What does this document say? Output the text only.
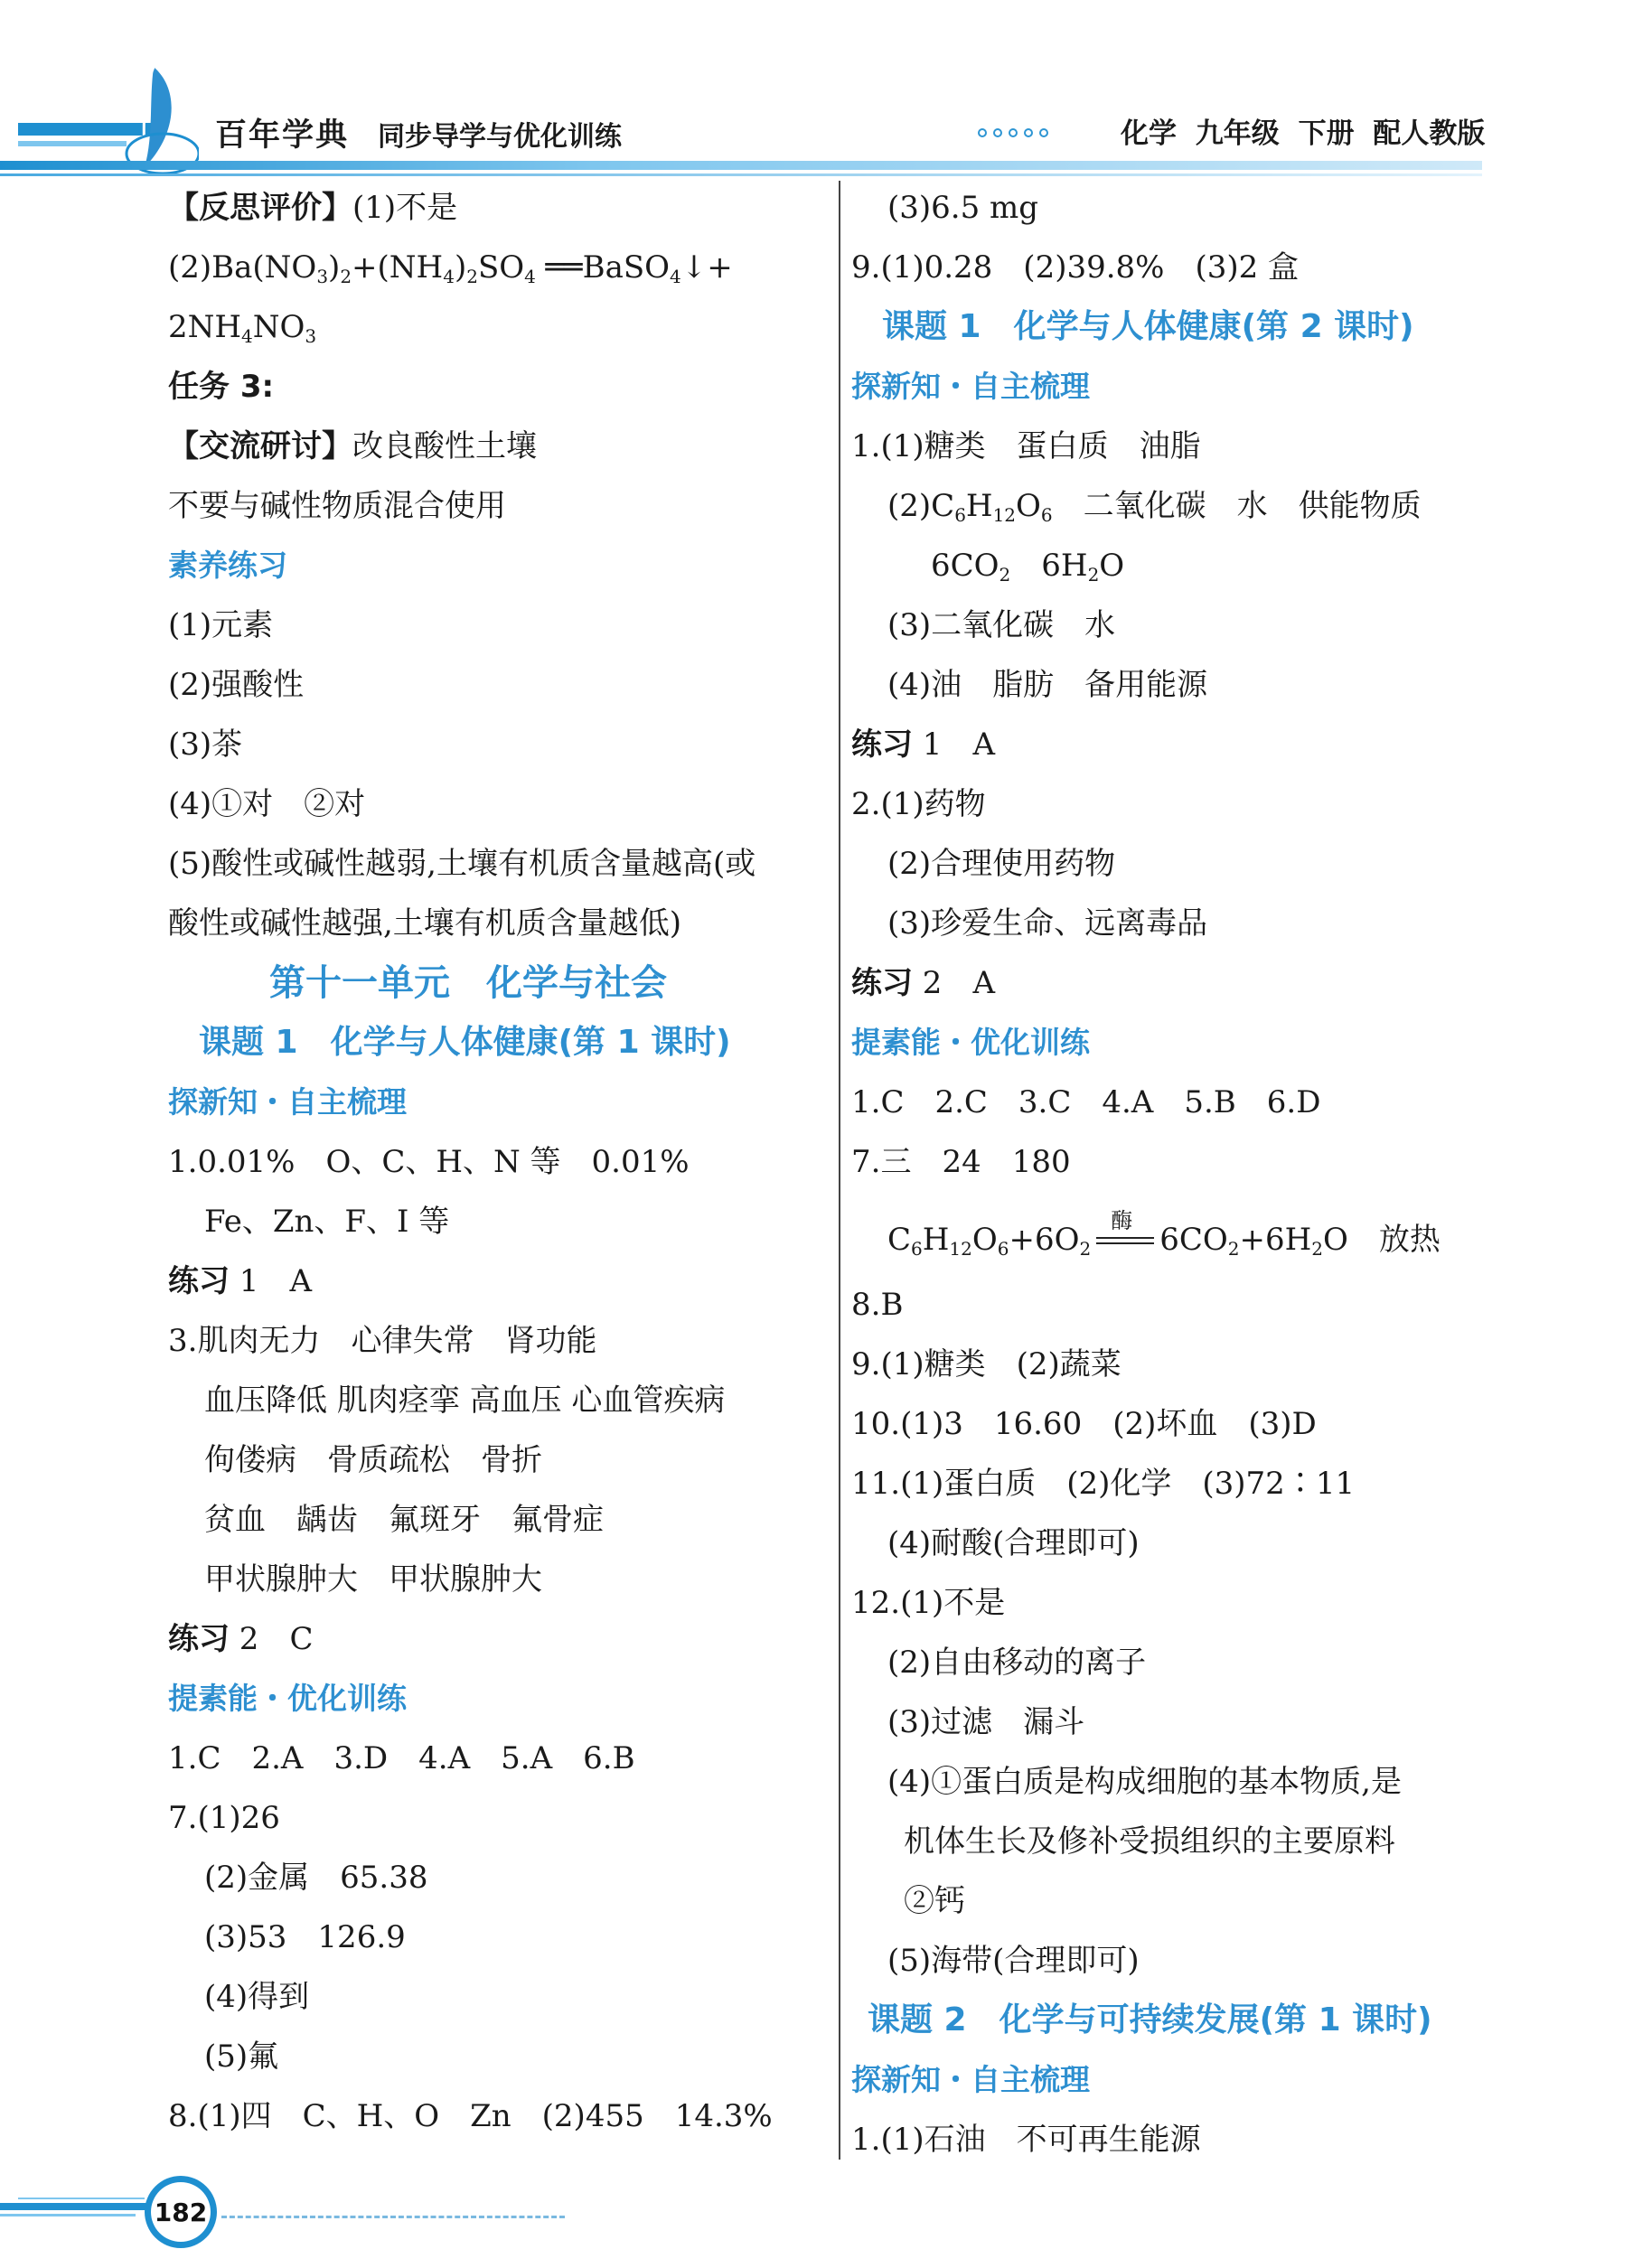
百年学典 同步导学与优化训练	化学 九年级 下册 配人教版
【反思评价】(1)不是
$(2)Ba(NO_3)_2+(NH_4)_2SO_4$ ══BaSO$_4$↓+
$2NH_4NO_3$
任务 3:
【交流研讨】改良酸性土壤
不要与碱性物质混合使用
素养练习
(1)元素
(2)强酸性
(3)茶
(4)①对　②对
(5)酸性或碱性越弱,土壤有机质含量越高(或
酸性或碱性越强,土壤有机质含量越低)
第十一单元　化学与社会
课题 1　化学与人体健康(第 1 课时)
探新知・自主梳理
1.0.01%　O、C、H、N 等　0.01%
Fe、Zn、F、I 等
练习 1　A
3.肌肉无力　心律失常　肾功能
血压降低 肌肉痉挛 高血压 心血管疾病
佝偻病　骨质疏松　骨折
贫血　龋齿　氟斑牙　氟骨症
甲状腺肿大　甲状腺肿大
练习 2　C
提素能・优化训练
1.C　2.A　3.D　4.A　5.A　6.B
7.(1)26
(2)金属　65.38
(3)53　126.9
(4)得到
(5)氟
8.(1)四　C、H、O　Zn　(2)455　14.3%
(3)6.5 mg
9.(1)0.28　(2)39.8%　(3)2 盒
课题 1　化学与人体健康(第 2 课时)
探新知・自主梳理
1.(1)糖类　蛋白质　油脂
$(2)C_6H_{12}O_6$　二氧化碳　水　供能物质
$6CO_2$　$6H_2O$
(3)二氧化碳　水
(4)油　脂肪　备用能源
练习 1　A
2.(1)药物
(2)合理使用药物
(3)珍爱生命、远离毒品
练习 2　A
提素能・优化训练
1.C　2.C　3.C　4.A　5.B　6.D
7.三　24　180
$C_6H_{12}O_6+6O_2$
酶
$6CO_2+6H_2O$　放热
8.B
9.(1)糖类　(2)蔬菜
10.(1)3　16.60　(2)坏血　(3)D
11.(1)蛋白质　(2)化学　(3)72∶11
(4)耐酸(合理即可)
12.(1)不是
(2)自由移动的离子
(3)过滤　漏斗
(4)①蛋白质是构成细胞的基本物质,是
机体生长及修补受损组织的主要原料
②钙
(5)海带(合理即可)
课题 2　化学与可持续发展(第 1 课时)
探新知・自主梳理
1.(1)石油　不可再生能源
182
